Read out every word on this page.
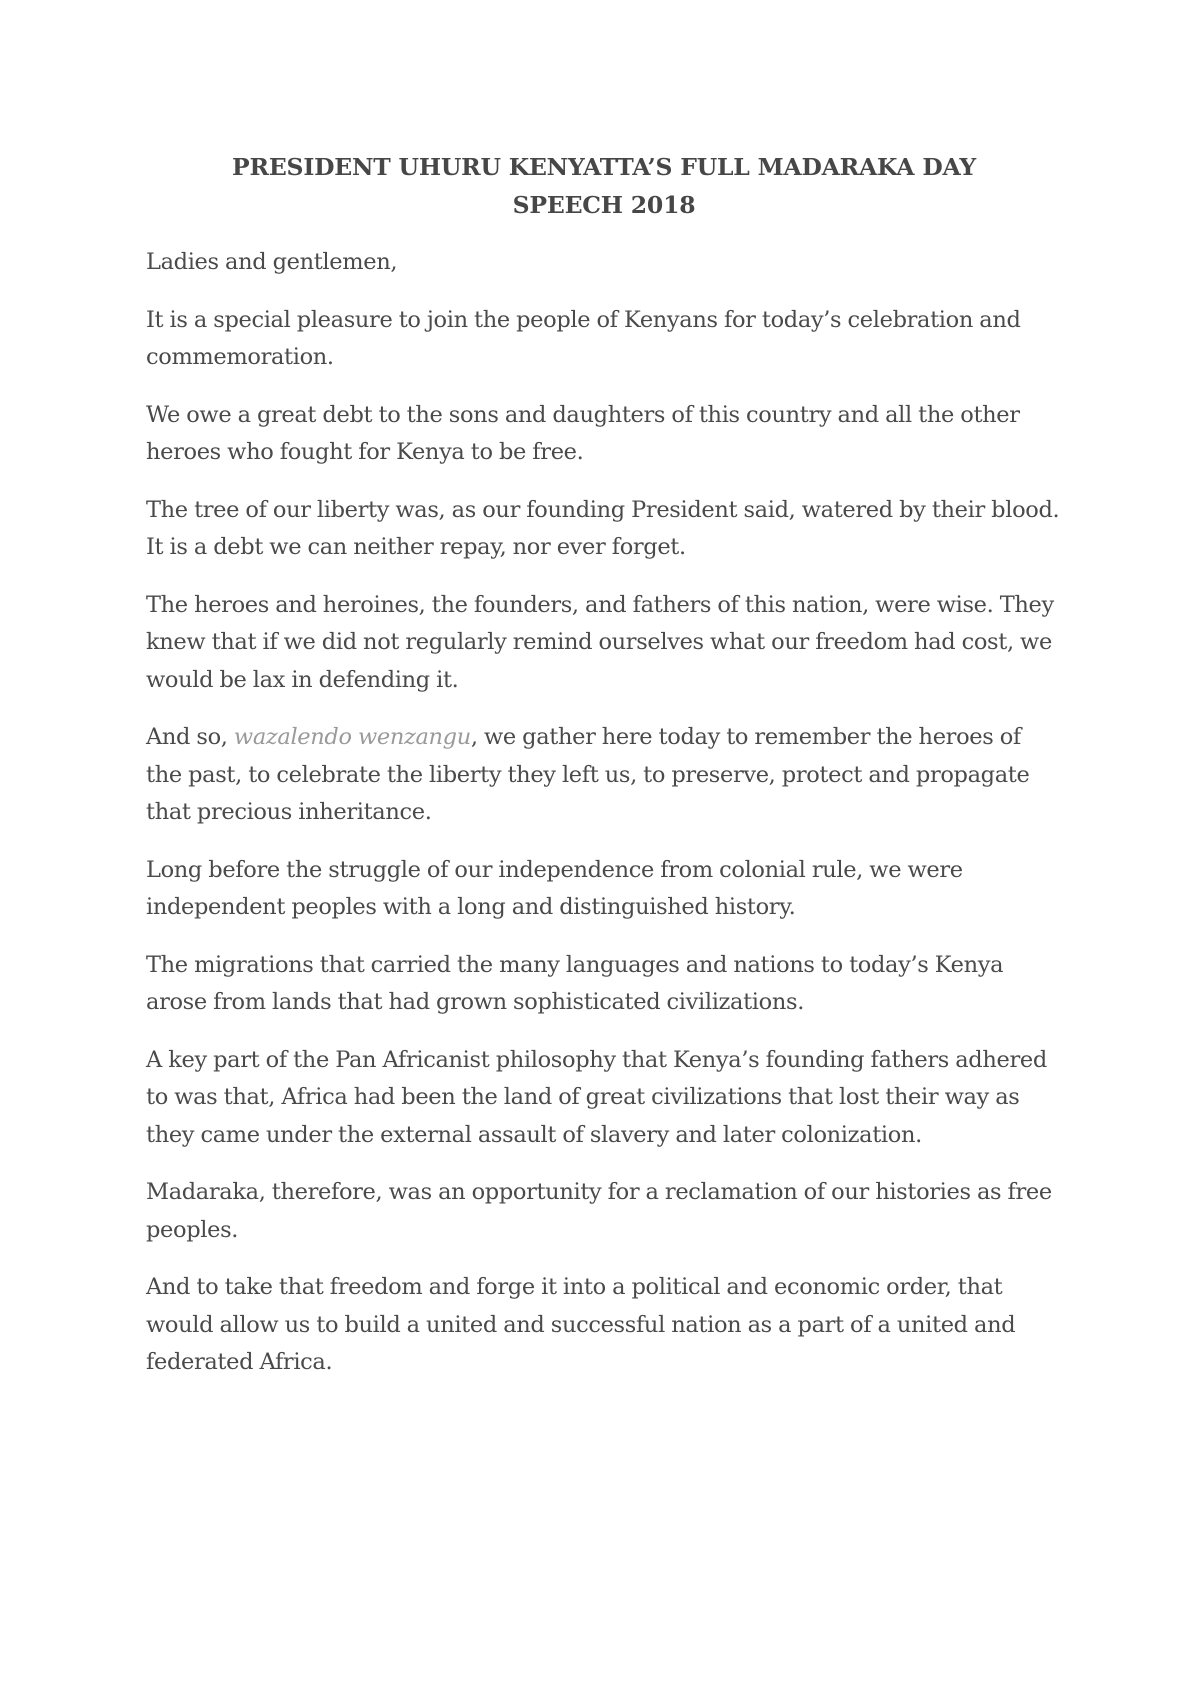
PRESIDENT UHURU KENYATTA’S FULL MADARAKA DAY
SPEECH 2018

Ladies and gentlemen,

It is a special pleasure to join the people of Kenyans for today’s celebration and commemoration.

We owe a great debt to the sons and daughters of this country and all the other heroes who fought for Kenya to be free.

The tree of our liberty was, as our founding President said, watered by their blood. It is a debt we can neither repay, nor ever forget.

The heroes and heroines, the founders, and fathers of this nation, were wise. They knew that if we did not regularly remind ourselves what our freedom had cost, we would be lax in defending it.

And so, wazalendo wenzangu, we gather here today to remember the heroes of the past, to celebrate the liberty they left us, to preserve, protect and propagate that precious inheritance.

Long before the struggle of our independence from colonial rule, we were independent peoples with a long and distinguished history.

The migrations that carried the many languages and nations to today’s Kenya arose from lands that had grown sophisticated civilizations.

A key part of the Pan Africanist philosophy that Kenya’s founding fathers adhered to was that, Africa had been the land of great civilizations that lost their way as they came under the external assault of slavery and later colonization.

Madaraka, therefore, was an opportunity for a reclamation of our histories as free peoples.

And to take that freedom and forge it into a political and economic order, that would allow us to build a united and successful nation as a part of a united and federated Africa.
